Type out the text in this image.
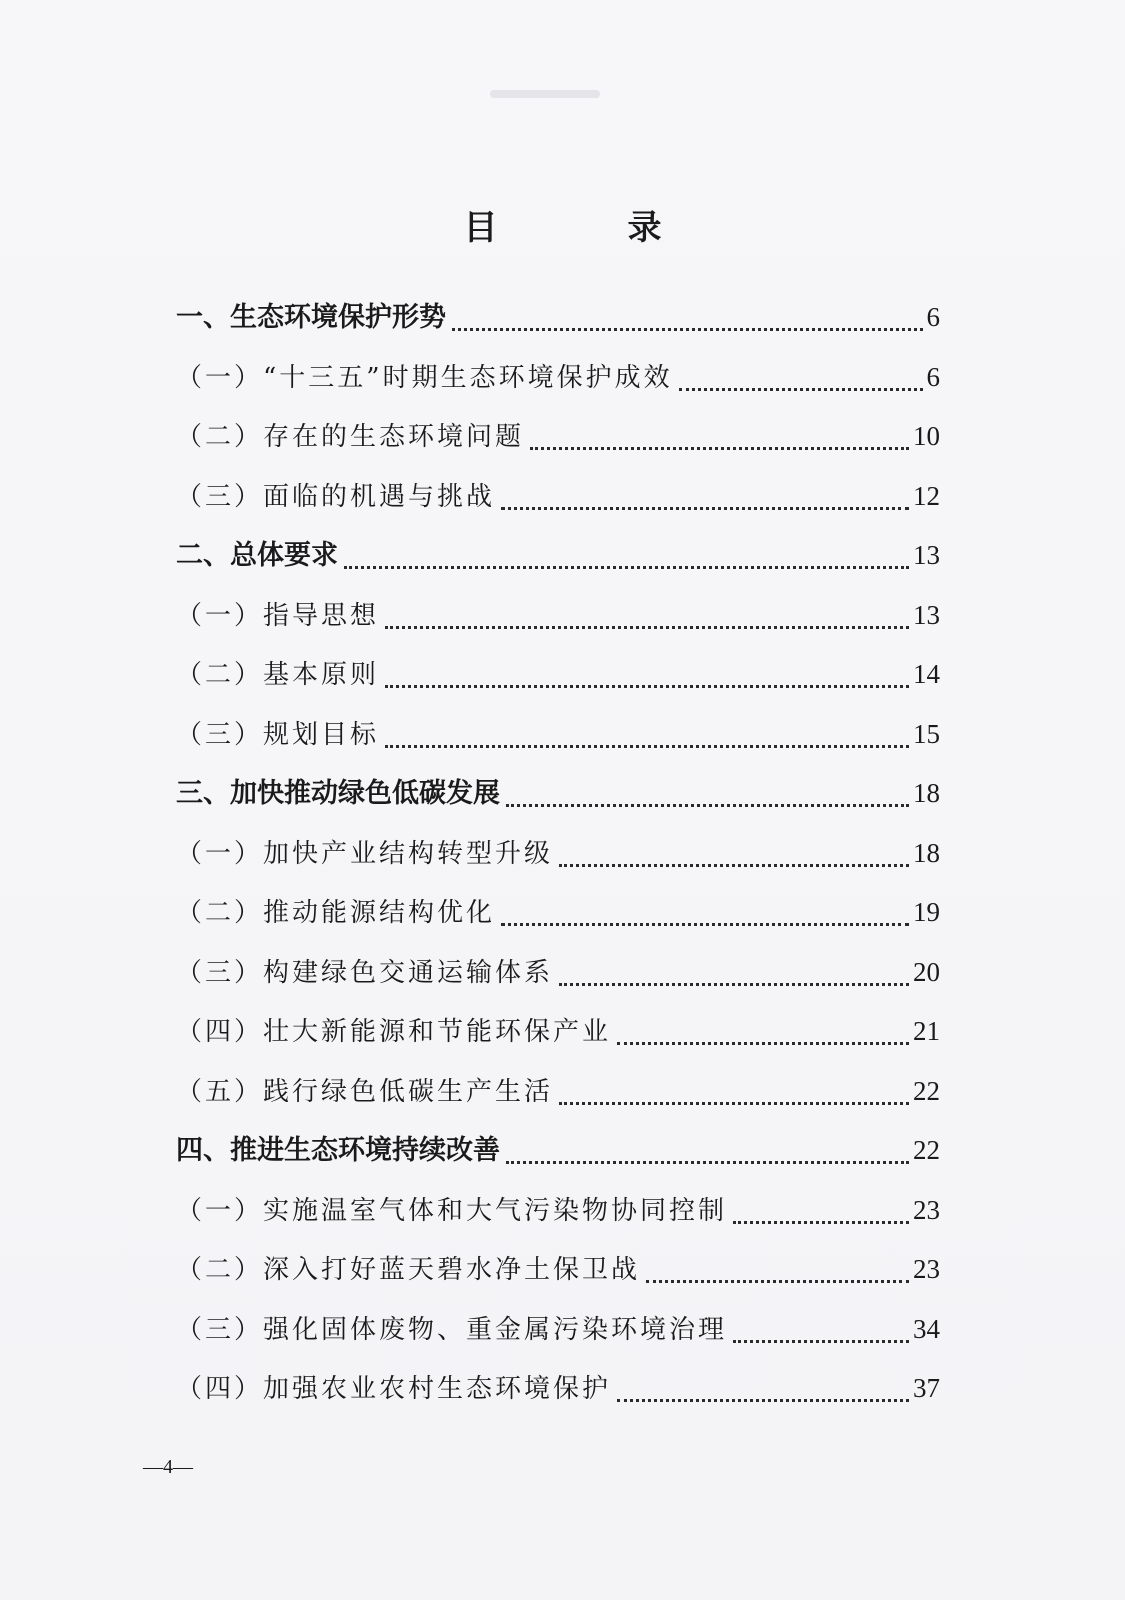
目　录
一、生态环境保护形势	6
（一）“十三五”时期生态环境保护成效	6
（二）存在的生态环境问题	10
（三）面临的机遇与挑战	12
二、总体要求	13
（一）指导思想	13
（二）基本原则	14
（三）规划目标	15
三、加快推动绿色低碳发展	18
（一）加快产业结构转型升级	18
（二）推动能源结构优化	19
（三）构建绿色交通运输体系	20
（四）壮大新能源和节能环保产业	21
（五）践行绿色低碳生产生活	22
四、推进生态环境持续改善	22
（一）实施温室气体和大气污染物协同控制	23
（二）深入打好蓝天碧水净土保卫战	23
（三）强化固体废物、重金属污染环境治理	34
（四）加强农业农村生态环境保护	37
—4—
